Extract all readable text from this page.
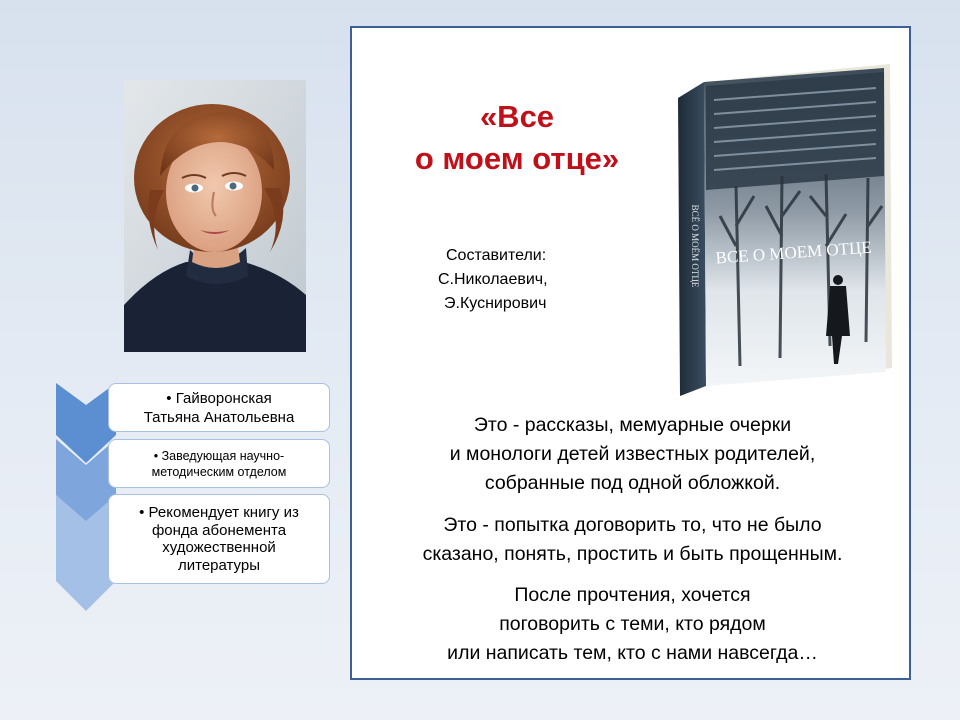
• Гайворонская
Татьяна Анатольевна
• Заведующая научно-
методическим отделом
• Рекомендует книгу из
фонда абонемента
художественной
литературы
«Все
о моем отце»
Составители:
С.Николаевич,
Э.Куснирович
ВСЕ О МОЕМ ОТЦЕ
ВСЁ О МОЁМ ОТЦЕ
Это - рассказы, мемуарные очерки
и монологи детей известных родителей,
собранные под одной обложкой.
Это - попытка договорить то, что не было
сказано, понять, простить и быть прощенным.
После прочтения, хочется
поговорить с теми, кто рядом
или написать тем, кто с нами навсегда…
